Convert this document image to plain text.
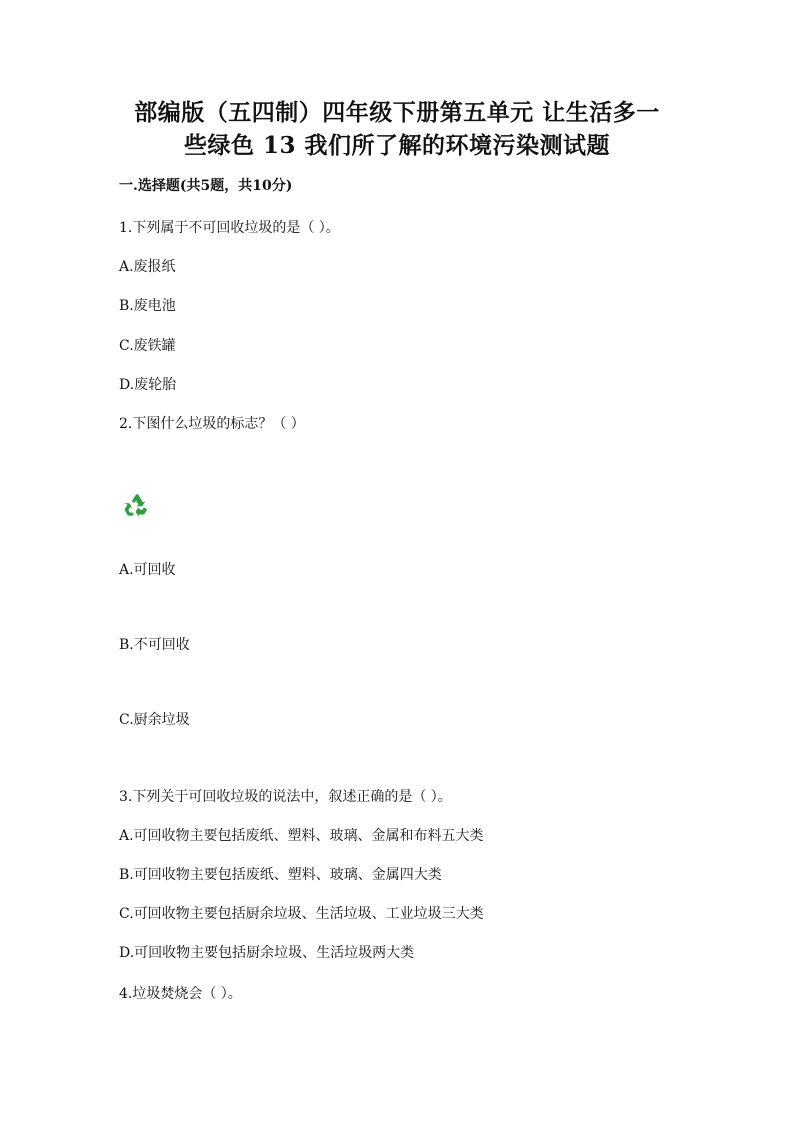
部编版（五四制）四年级下册第五单元 让生活多一
些绿色 13 我们所了解的环境污染测试题
一.选择题(共5题，共10分)
1.下列属于不可回收垃圾的是（ ）。
A.废报纸
B.废电池
C.废铁罐
D.废轮胎
2.下图什么垃圾的标志？（ ）
A.可回收
B.不可回收
C.厨余垃圾
3.下列关于可回收垃圾的说法中，叙述正确的是（ ）。
A.可回收物主要包括废纸、塑料、玻璃、金属和布料五大类
B.可回收物主要包括废纸、塑料、玻璃、金属四大类
C.可回收物主要包括厨余垃圾、生活垃圾、工业垃圾三大类
D.可回收物主要包括厨余垃圾、生活垃圾两大类
4.垃圾焚烧会（ ）。
